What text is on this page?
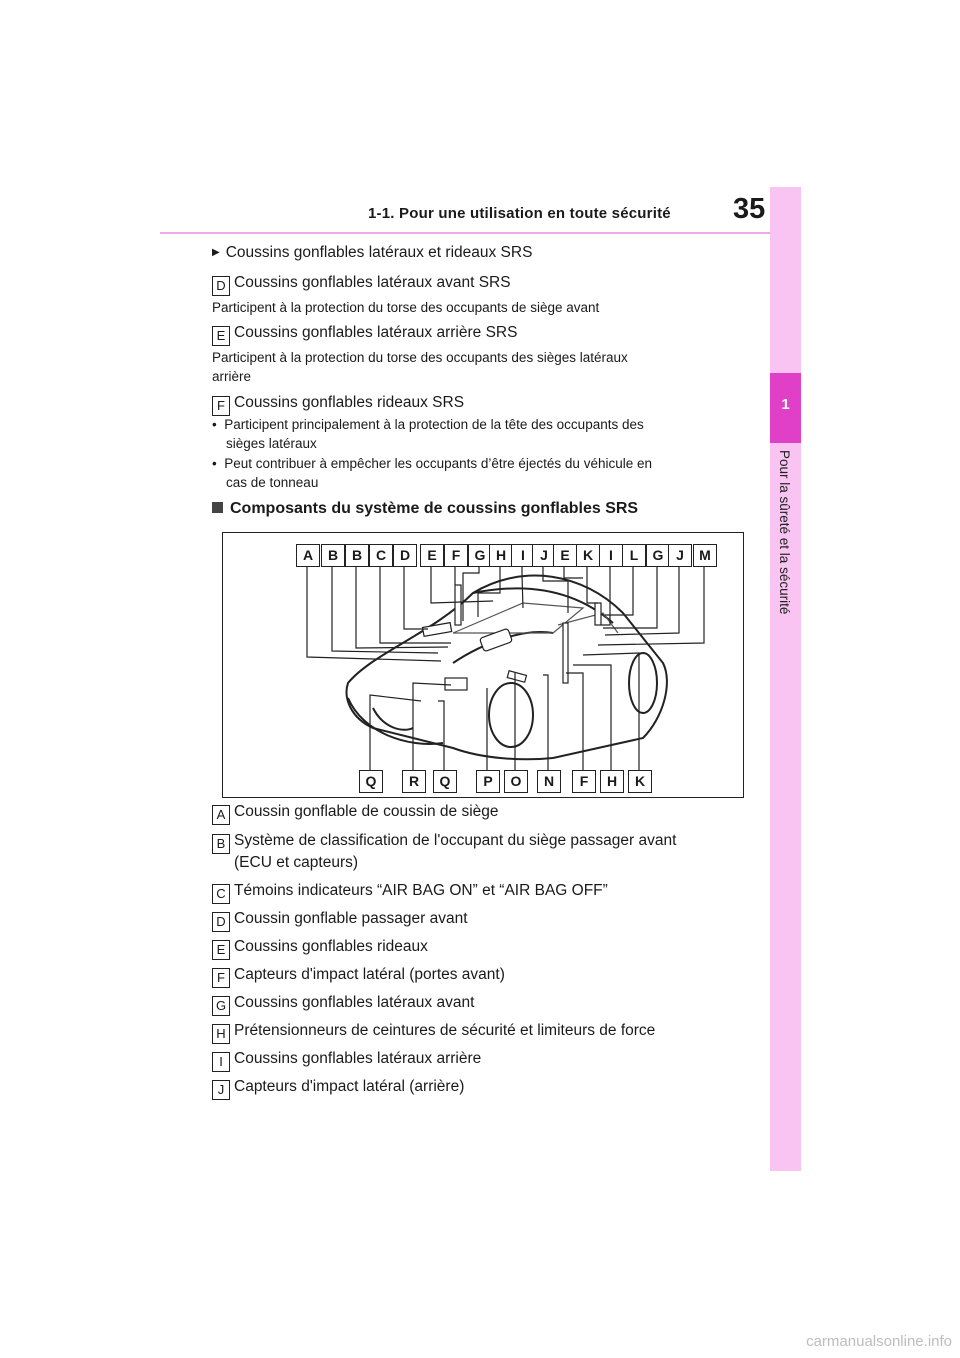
1-1. Pour une utilisation en toute sécurité 35
1
Pour la sûreté et la sécurité
▶ Coussins gonflables latéraux et rideaux SRS
D Coussins gonflables latéraux avant SRS
Participent à la protection du torse des occupants de siège avant
E Coussins gonflables latéraux arrière SRS
Participent à la protection du torse des occupants des sièges latéraux
arrière
F Coussins gonflables rideaux SRS
•  Participent principalement à la protection de la tête des occupants des
sièges latéraux
•  Peut contribuer à empêcher les occupants d’être éjectés du véhicule en
cas de tonneau
Composants du système de coussins gonflables SRS
A	B B C D	E	F	G H	I	J E K	I	L	G J	M
Q	R	Q	P	O	N	F	H	K
A Coussin gonflable de coussin de siège
B Système de classification de l'occupant du siège passager avant
(ECU et capteurs)
C Témoins indicateurs “AIR BAG ON” et “AIR BAG OFF”
D Coussin gonflable passager avant
E Coussins gonflables rideaux
F Capteurs d'impact latéral (portes avant)
G Coussins gonflables latéraux avant
H Prétensionneurs de ceintures de sécurité et limiteurs de force
I Coussins gonflables latéraux arrière
J Capteurs d'impact latéral (arrière)
carmanualsonline.info
